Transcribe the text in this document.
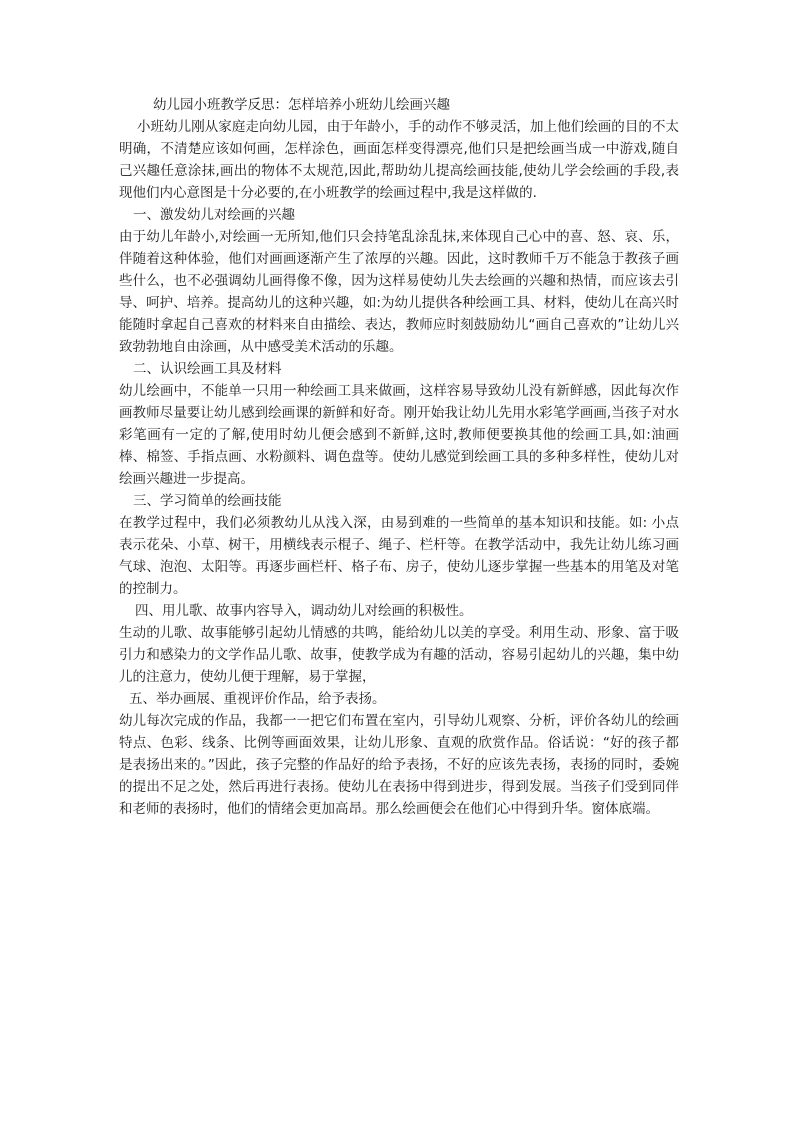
幼儿园小班教学反思：怎样培养小班幼儿绘画兴趣

小班幼儿刚从家庭走向幼儿园，由于年龄小，手的动作不够灵活，加上他们绘画的目的不太明确，不清楚应该如何画，怎样涂色，画面怎样变得漂亮,他们只是把绘画当成一中游戏,随自己兴趣任意涂抹,画出的物体不太规范,因此,帮助幼儿提高绘画技能,使幼儿学会绘画的手段,表现他们内心意图是十分必要的,在小班教学的绘画过程中,我是这样做的.

一、激发幼儿对绘画的兴趣

由于幼儿年龄小,对绘画一无所知,他们只会持笔乱涂乱抹,来体现自己心中的喜、怒、哀、乐，伴随着这种体验，他们对画画逐渐产生了浓厚的兴趣。因此，这时教师千万不能急于教孩子画些什么，也不必强调幼儿画得像不像，因为这样易使幼儿失去绘画的兴趣和热情，而应该去引导、呵护、培养。提高幼儿的这种兴趣，如:为幼儿提供各种绘画工具、材料，使幼儿在高兴时能随时拿起自己喜欢的材料来自由描绘、表达，教师应时刻鼓励幼儿“画自己喜欢的”让幼儿兴致勃勃地自由涂画，从中感受美术活动的乐趣。

二、认识绘画工具及材料

幼儿绘画中，不能单一只用一种绘画工具来做画，这样容易导致幼儿没有新鲜感，因此每次作画教师尽量要让幼儿感到绘画课的新鲜和好奇。刚开始我让幼儿先用水彩笔学画画,当孩子对水彩笔画有一定的了解,使用时幼儿便会感到不新鲜,这时,教师便要换其他的绘画工具,如:油画棒、棉签、手指点画、水粉颜料、调色盘等。使幼儿感觉到绘画工具的多种多样性，使幼儿对绘画兴趣进一步提高。

三、学习简单的绘画技能

在教学过程中，我们必须教幼儿从浅入深，由易到难的一些简单的基本知识和技能。如: 小点表示花朵、小草、树干，用横线表示棍子、绳子、栏杆等。在教学活动中，我先让幼儿练习画气球、泡泡、太阳等。再逐步画栏杆、格子布、房子，使幼儿逐步掌握一些基本的用笔及对笔的控制力。

四、用儿歌、故事内容导入，调动幼儿对绘画的积极性。

生动的儿歌、故事能够引起幼儿情感的共鸣，能给幼儿以美的享受。利用生动、形象、富于吸引力和感染力的文学作品儿歌、故事，使教学成为有趣的活动，容易引起幼儿的兴趣，集中幼儿的注意力，使幼儿便于理解，易于掌握，

五、举办画展、重视评价作品，给予表扬。

幼儿每次完成的作品，我都一一把它们布置在室内，引导幼儿观察、分析，评价各幼儿的绘画特点、色彩、线条、比例等画面效果，让幼儿形象、直观的欣赏作品。俗话说：“好的孩子都是表扬出来的。”因此，孩子完整的作品好的给予表扬，不好的应该先表扬，表扬的同时，委婉的提出不足之处，然后再进行表扬。使幼儿在表扬中得到进步，得到发展。当孩子们受到同伴和老师的表扬时，他们的情绪会更加高昂。那么绘画便会在他们心中得到升华。窗体底端。
